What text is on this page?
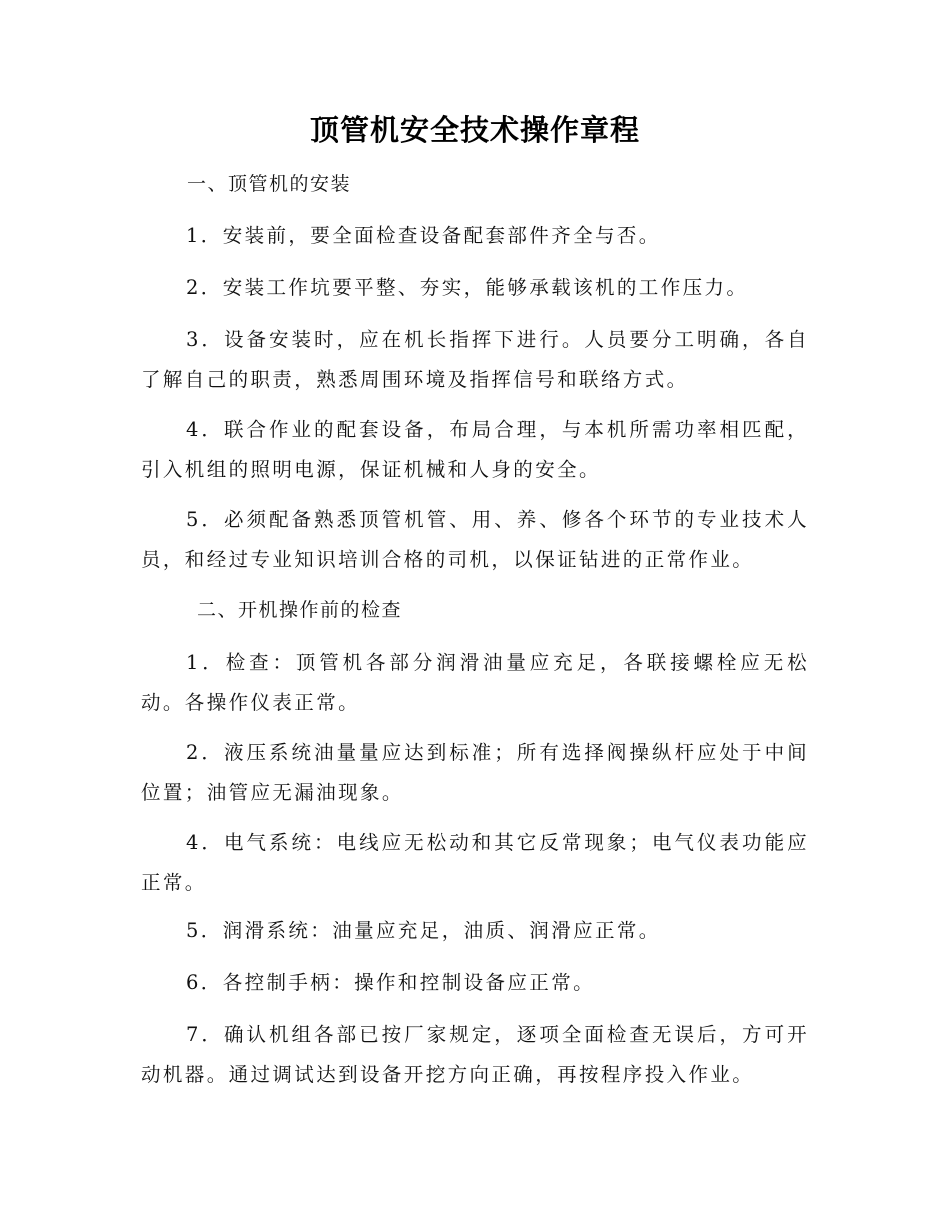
顶管机安全技术操作章程
一、顶管机的安装
1．安装前，要全面检查设备配套部件齐全与否。
2．安装工作坑要平整、夯实，能够承载该机的工作压力。
3．设备安装时，应在机长指挥下进行。人员要分工明确，各自了解自己的职责，熟悉周围环境及指挥信号和联络方式。
4．联合作业的配套设备，布局合理，与本机所需功率相匹配，引入机组的照明电源，保证机械和人身的安全。
5．必须配备熟悉顶管机管、用、养、修各个环节的专业技术人员，和经过专业知识培训合格的司机，以保证钻进的正常作业。
二、开机操作前的检查
1．检查：顶管机各部分润滑油量应充足，各联接螺栓应无松动。各操作仪表正常。
2．液压系统油量量应达到标准；所有选择阀操纵杆应处于中间位置；油管应无漏油现象。
4．电气系统：电线应无松动和其它反常现象；电气仪表功能应正常。
5．润滑系统：油量应充足，油质、润滑应正常。
6．各控制手柄：操作和控制设备应正常。
7．确认机组各部已按厂家规定，逐项全面检查无误后，方可开动机器。通过调试达到设备开挖方向正确，再按程序投入作业。
